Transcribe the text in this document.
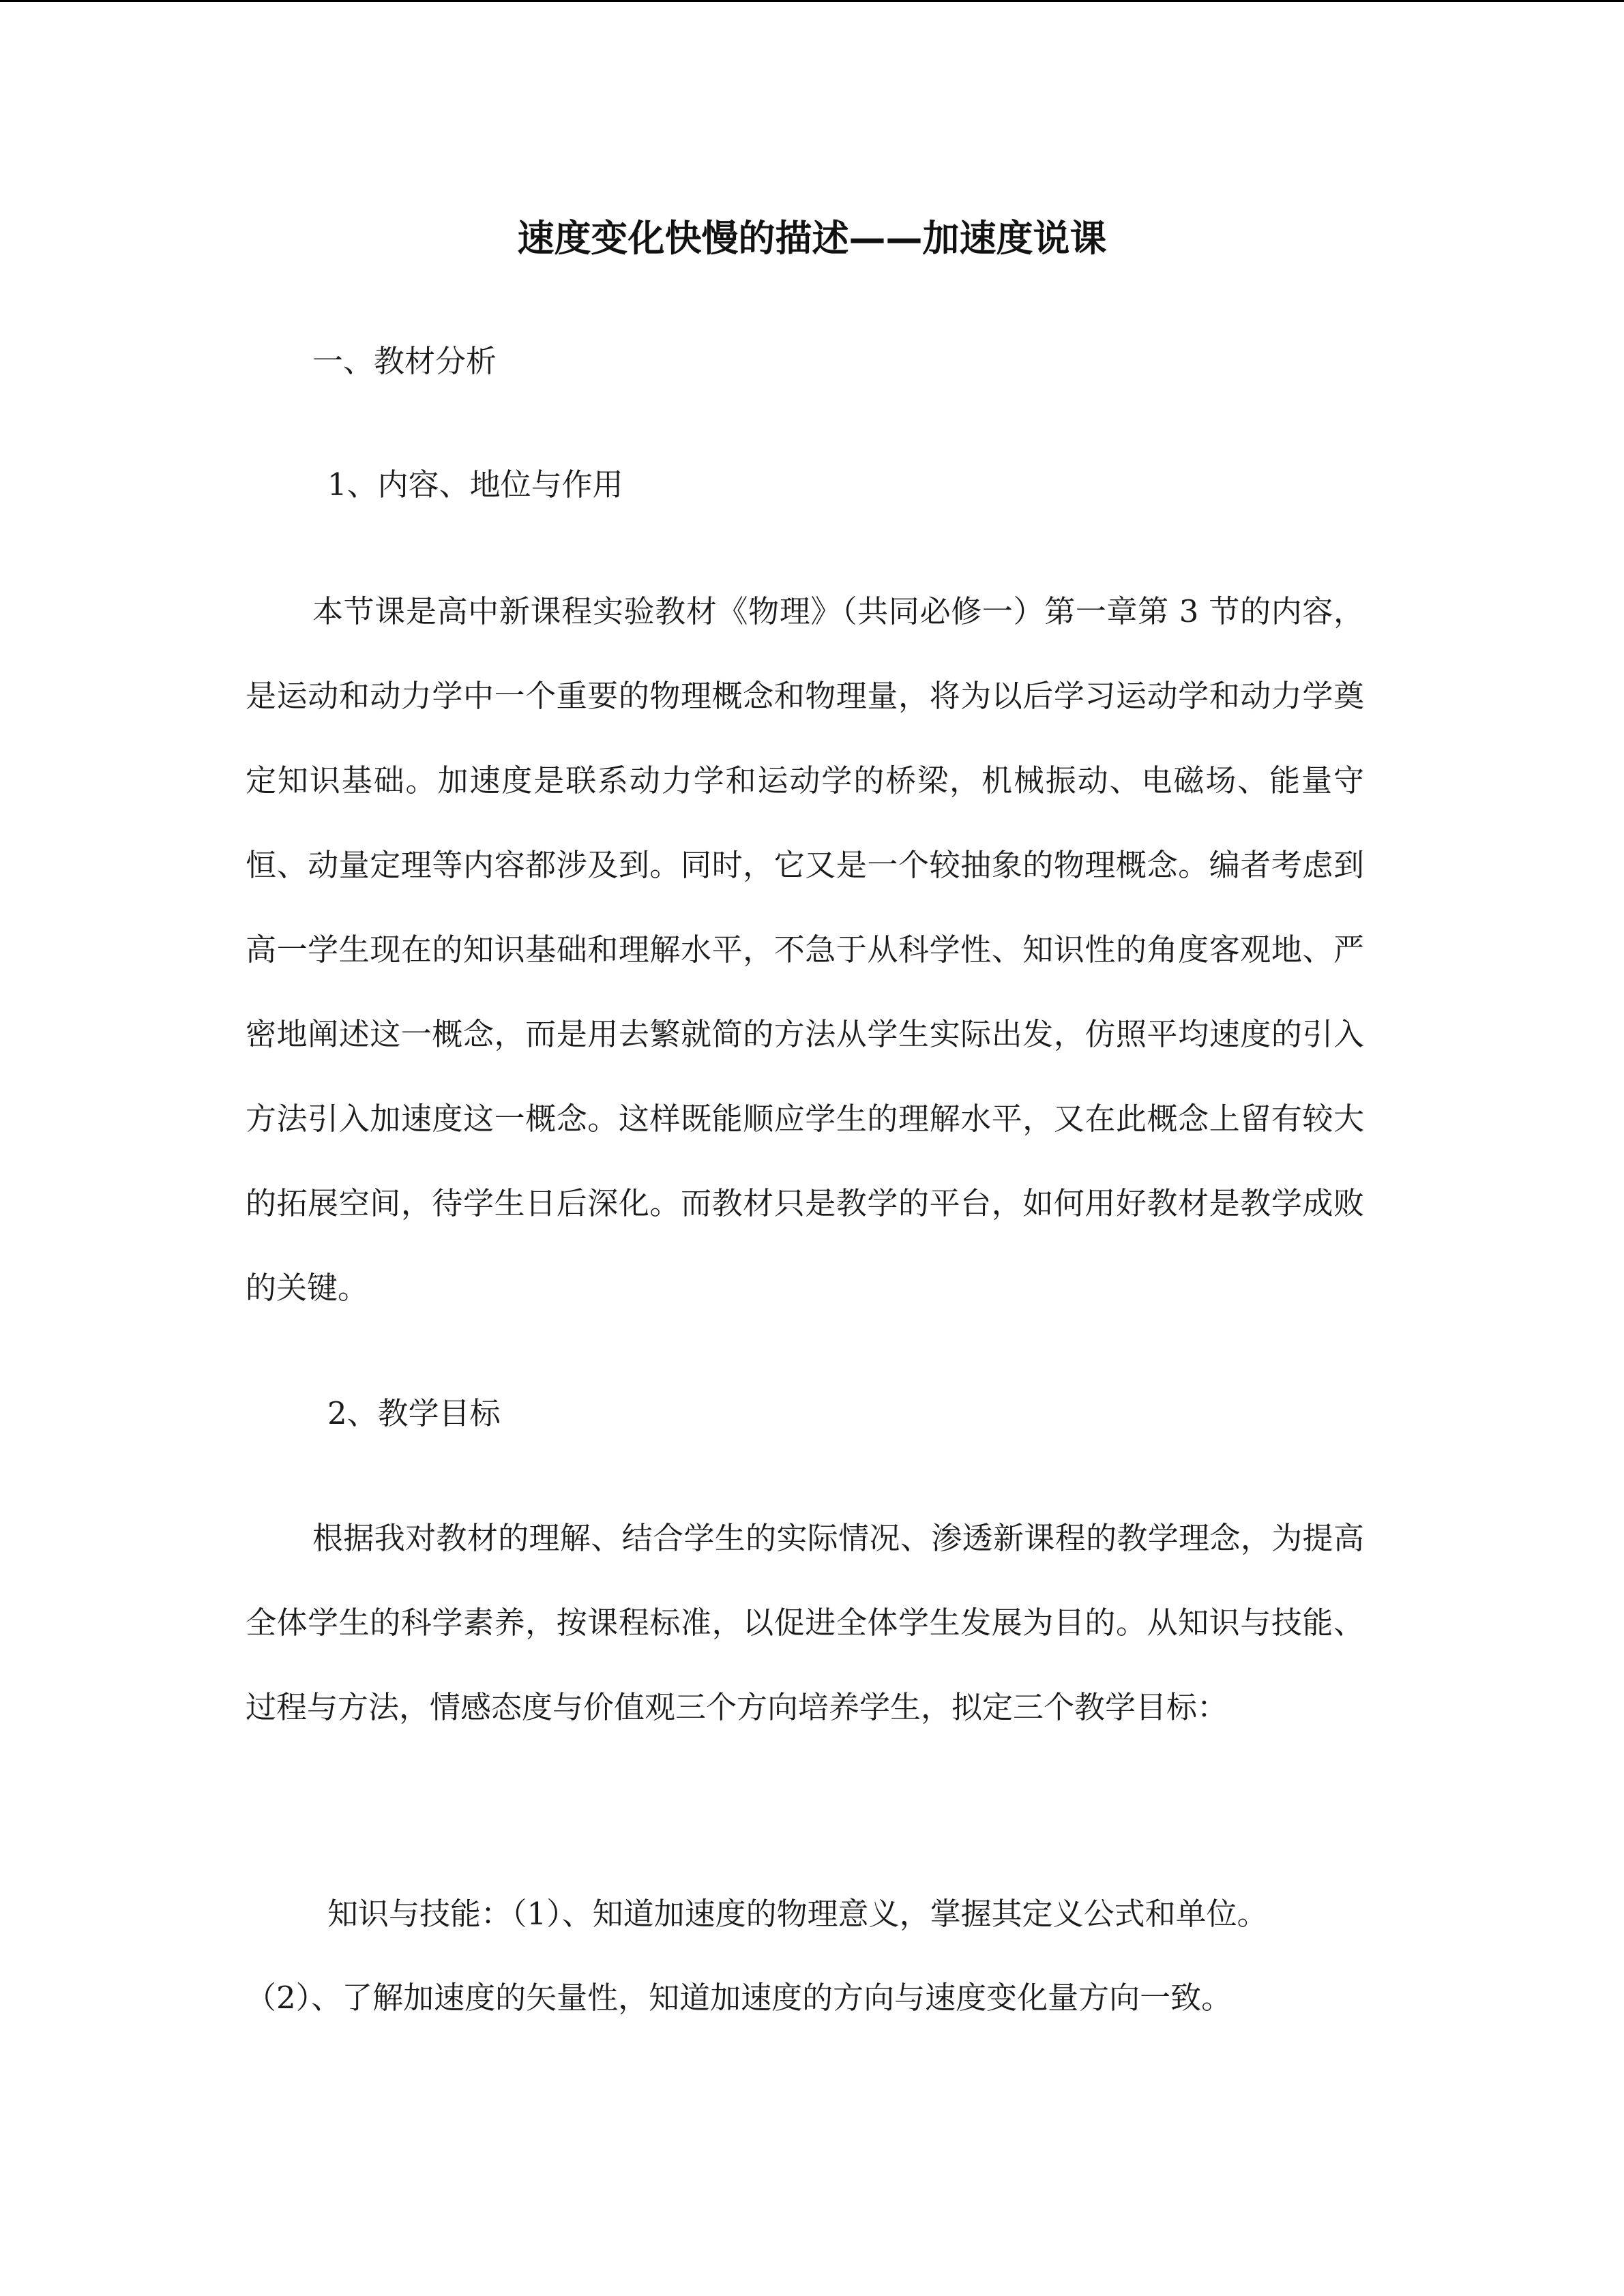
速度变化快慢的描述——加速度说课
一、教材分析
1、内容、地位与作用

本节课是高中新课程实验教材《物理》（共同必修一）第一章第 3 节的内容，是运动和动力学中一个重要的物理概念和物理量，将为以后学习运动学和动力学奠定知识基础。加速度是联系动力学和运动学的桥梁，机械振动、电磁场、能量守恒、动量定理等内容都涉及到。同时，它又是一个较抽象的物理概念。编者考虑到高一学生现在的知识基础和理解水平，不急于从科学性、知识性的角度客观地、严密地阐述这一概念，而是用去繁就简的方法从学生实际出发，仿照平均速度的引入方法引入加速度这一概念。这样既能顺应学生的理解水平，又在此概念上留有较大的拓展空间，待学生日后深化。而教材只是教学的平台，如何用好教材是教学成败的关键。

2、教学目标

根据我对教材的理解、结合学生的实际情况、渗透新课程的教学理念，为提高全体学生的科学素养，按课程标准，以促进全体学生发展为目的。从知识与技能、过程与方法，情感态度与价值观三个方向培养学生，拟定三个教学目标：

知识与技能：（1）、知道加速度的物理意义，掌握其定义公式和单位。
（2）、了解加速度的矢量性，知道加速度的方向与速度变化量方向一致。
